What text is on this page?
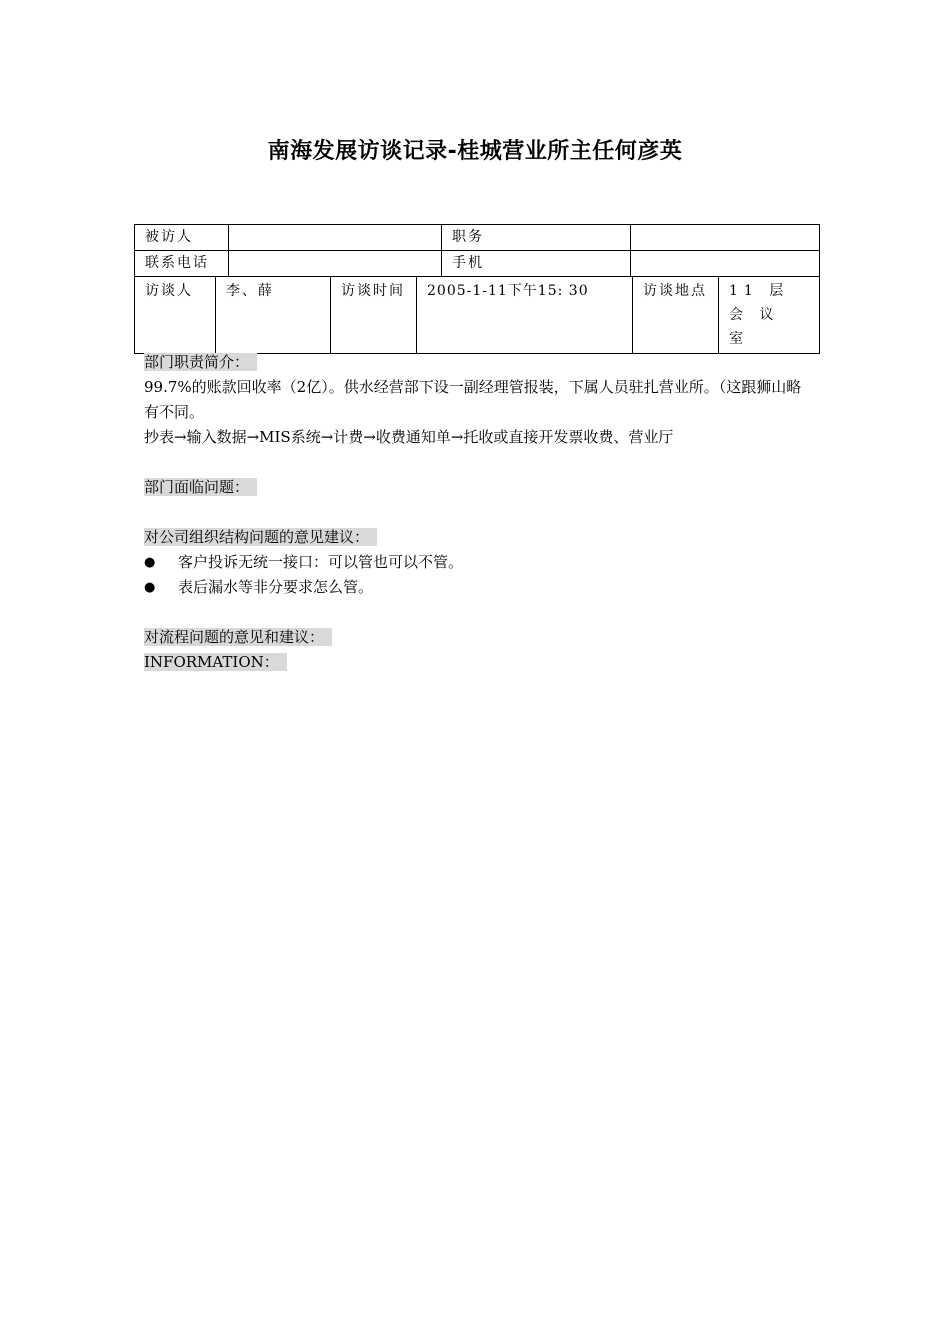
南海发展访谈记录-桂城营业所主任何彦英
被访人		职务	
联系电话		手机	

访谈人	李、薛	访谈时间	2005-1-11下午15: 30	访谈地点	11 层 会 议 室

部门职责简介：

99.7%的账款回收率（2亿）。供水经营部下设一副经理管报装，下属人员驻扎营业所。（这跟狮山略有不同。

抄表→输入数据→MIS系统→计费→收费通知单→托收或直接开发票收费、营业厅

部门面临问题：

对公司组织结构问题的意见建议：

●	客户投诉无统一接口：可以管也可以不管。
●	表后漏水等非分要求怎么管。

对流程问题的意见和建议：

INFORMATION：
